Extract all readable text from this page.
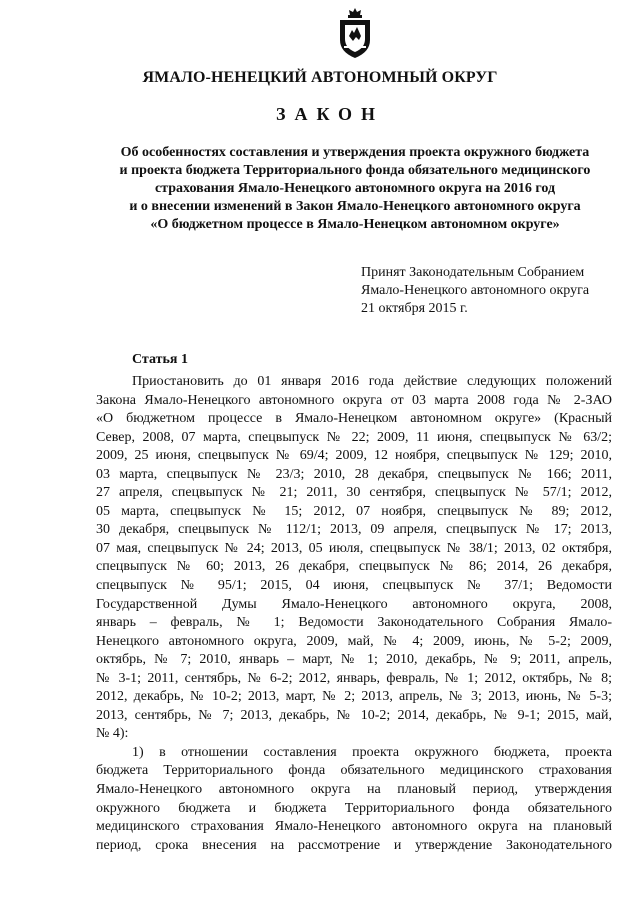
ЯМАЛО-НЕНЕЦКИЙ АВТОНОМНЫЙ ОКРУГ
ЗАКОН
Об особенностях составления и утверждения проекта окружного бюджета
и проекта бюджета Территориального фонда обязательного медицинского
страхования Ямало-Ненецкого автономного округа на 2016 год
и о внесении изменений в Закон Ямало-Ненецкого автономного округа
«О бюджетном процессе в Ямало-Ненецком автономном округе»
Принят Законодательным Собранием
Ямало-Ненецкого автономного округа
21 октября 2015 г.
Статья 1
Приостановить до 01 января 2016 года действие следующих положений
Закона Ямало-Ненецкого автономного округа от 03 марта 2008 года № 2-ЗАО
«О бюджетном процессе в Ямало-Ненецком автономном округе» (Красный
Север, 2008, 07 марта, спецвыпуск № 22; 2009, 11 июня, спецвыпуск № 63/2;
2009, 25 июня, спецвыпуск № 69/4; 2009, 12 ноября, спецвыпуск № 129; 2010,
03 марта, спецвыпуск № 23/3; 2010, 28 декабря, спецвыпуск № 166; 2011,
27 апреля, спецвыпуск № 21; 2011, 30 сентября, спецвыпуск № 57/1; 2012,
05 марта, спецвыпуск № 15; 2012, 07 ноября, спецвыпуск № 89; 2012,
30 декабря, спецвыпуск № 112/1; 2013, 09 апреля, спецвыпуск № 17; 2013,
07 мая, спецвыпуск № 24; 2013, 05 июля, спецвыпуск № 38/1; 2013, 02 октября,
спецвыпуск № 60; 2013, 26 декабря, спецвыпуск № 86; 2014, 26 декабря,
спецвыпуск № 95/1; 2015, 04 июня, спецвыпуск № 37/1; Ведомости
Государственной Думы Ямало-Ненецкого автономного округа, 2008,
январь – февраль, № 1; Ведомости Законодательного Собрания Ямало-
Ненецкого автономного округа, 2009, май, № 4; 2009, июнь, № 5-2; 2009,
октябрь, № 7; 2010, январь – март, № 1; 2010, декабрь, № 9; 2011, апрель,
№ 3-1; 2011, сентябрь, № 6-2; 2012, январь, февраль, № 1; 2012, октябрь, № 8;
2012, декабрь, № 10-2; 2013, март, № 2; 2013, апрель, № 3; 2013, июнь, № 5-3;
2013, сентябрь, № 7; 2013, декабрь, № 10-2; 2014, декабрь, № 9-1; 2015, май,
№ 4):
1) в отношении составления проекта окружного бюджета, проекта
бюджета Территориального фонда обязательного медицинского страхования
Ямало-Ненецкого автономного округа на плановый период, утверждения
окружного бюджета и бюджета Территориального фонда обязательного
медицинского страхования Ямало-Ненецкого автономного округа на плановый
период, срока внесения на рассмотрение и утверждение Законодательного
